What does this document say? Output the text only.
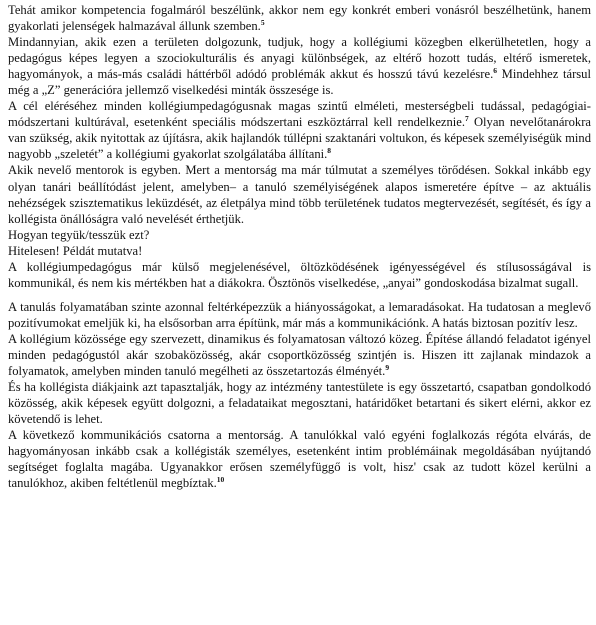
Tehát amikor kompetencia fogalmáról beszélünk, akkor nem egy konkrét emberi vonásról beszélhetünk, hanem gyakorlati jelenségek halmazával állunk szemben.$^5$

Mindannyian, akik ezen a területen dolgozunk, tudjuk, hogy a kollégiumi közegben elkerülhetetlen, hogy a pedagógus képes legyen a szociokulturális és anyagi különbségek, az eltérő hozott tudás, eltérő ismeretek, hagyományok, a más-más családi háttérből adódó problémák akkut és hosszú távú kezelésre.$^6$ Mindehhez társul még a „Z” generációra jellemző viselkedési minták összesége is.

A cél eléréséhez minden kollégiumpedagógusnak magas szintű elméleti, mesterségbeli tudással, pedagógiai-módszertani kultúrával, esetenként speciális módszertani eszköztárral kell rendelkeznie.$^7$ Olyan nevelőtanárokra van szükség, akik nyitottak az újításra, akik hajlandók túllépni szaktanári voltukon, és képesek személyiségük mind nagyobb „szeletét” a kollégiumi gyakorlat szolgálatába állítani.$^8$

Akik nevelő mentorok is egyben. Mert a mentorság ma már túlmutat a személyes törődésen. Sokkal inkább egy olyan tanári beállítódást jelent, amelyben– a tanuló személyiségének alapos ismeretére építve – az aktuális nehézségek szisztematikus leküzdését, az életpálya mind több területének tudatos megtervezését, segítését, és így a kollégista önállóságra való nevelését érthetjük.

Hogyan tegyük/tesszük ezt?

Hitelesen! Példát mutatva!

A kollégiumpedagógus már külső megjelenésével, öltözködésének igényességével és stílusosságával is kommunikál, és nem kis mértékben hat a diákokra. Ösztönös viselkedése, „anyai” gondoskodása bizalmat sugall.

A tanulás folyamatában szinte azonnal feltérképezzük a hiányosságokat, a lemaradásokat. Ha tudatosan a meglevő pozitívumokat emeljük ki, ha elsősorban arra építünk, már más a kommunikációnk. A hatás biztosan pozitív lesz.

A kollégium közössége egy szervezett, dinamikus és folyamatosan változó közeg. Építése állandó feladatot igényel minden pedagógustól akár szobaközösség, akár csoportközösség szintjén is. Hiszen itt zajlanak mindazok a folyamatok, amelyben minden tanuló megélheti az összetartozás élményét.$^9$

És ha kollégista diákjaink azt tapasztalják, hogy az intézmény tantestülete is egy összetartó, csapatban gondolkodó közösség, akik képesek együtt dolgozni, a feladataikat megosztani, határidőket betartani és sikert elérni, akkor ez követendő is lehet.

A következő kommunikációs csatorna a mentorság. A tanulókkal való egyéni foglalkozás régóta elvárás, de hagyományosan inkább csak a kollégisták személyes, esetenként intim problémáinak megoldásában nyújtandó segítséget foglalta magába. Ugyanakkor erősen személyfüggő is volt, hisz' csak az tudott közel kerülni a tanulókhoz, akiben feltétlenül megbíztak.$^{10}$
